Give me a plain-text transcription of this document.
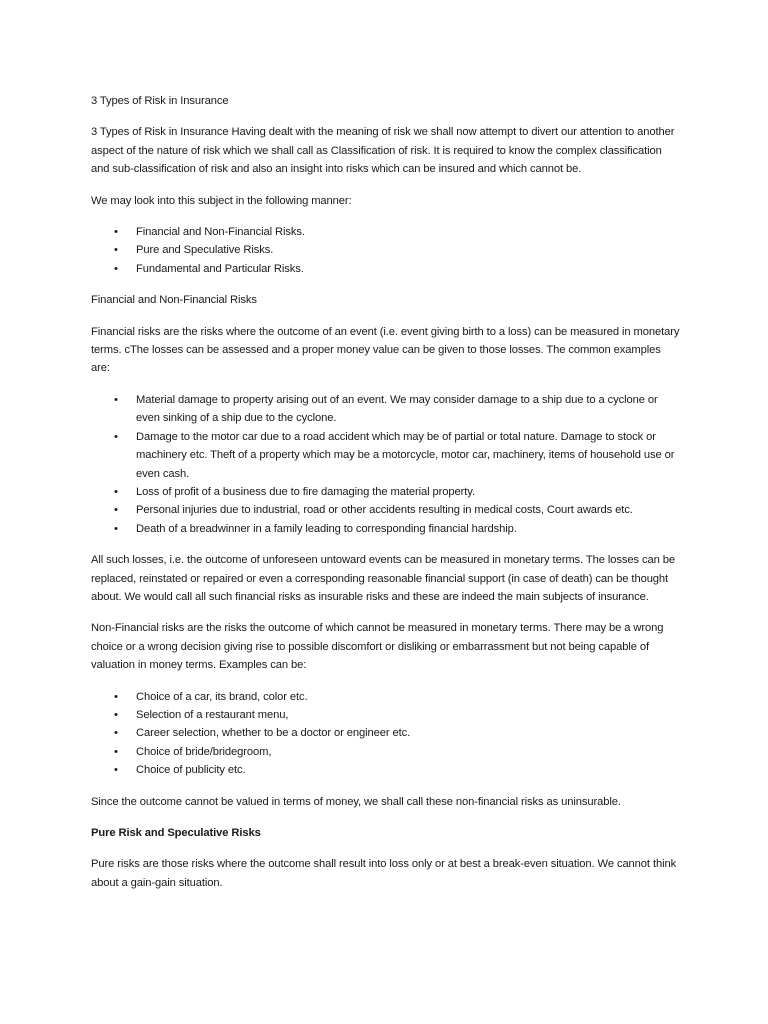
3 Types of Risk in Insurance

3 Types of Risk in Insurance Having dealt with the meaning of risk we shall now attempt to divert our attention to another aspect of the nature of risk which we shall call as Classification of risk. It is required to know the complex classification and sub-classification of risk and also an insight into risks which can be insured and which cannot be.

We may look into this subject in the following manner:

• Financial and Non-Financial Risks.
• Pure and Speculative Risks.
• Fundamental and Particular Risks.

Financial and Non-Financial Risks

Financial risks are the risks where the outcome of an event (i.e. event giving birth to a loss) can be measured in monetary terms. cThe losses can be assessed and a proper money value can be given to those losses. The common examples are:

• Material damage to property arising out of an event. We may consider damage to a ship due to a cyclone or even sinking of a ship due to the cyclone.
• Damage to the motor car due to a road accident which may be of partial or total nature. Damage to stock or machinery etc. Theft of a property which may be a motorcycle, motor car, machinery, items of household use or even cash.
• Loss of profit of a business due to fire damaging the material property.
• Personal injuries due to industrial, road or other accidents resulting in medical costs, Court awards etc.
• Death of a breadwinner in a family leading to corresponding financial hardship.

All such losses, i.e. the outcome of unforeseen untoward events can be measured in monetary terms. The losses can be replaced, reinstated or repaired or even a corresponding reasonable financial support (in case of death) can be thought about. We would call all such financial risks as insurable risks and these are indeed the main subjects of insurance.

Non-Financial risks are the risks the outcome of which cannot be measured in monetary terms. There may be a wrong choice or a wrong decision giving rise to possible discomfort or disliking or embarrassment but not being capable of valuation in money terms. Examples can be:

• Choice of a car, its brand, color etc.
• Selection of a restaurant menu,
• Career selection, whether to be a doctor or engineer etc.
• Choice of bride/bridegroom,
• Choice of publicity etc.

Since the outcome cannot be valued in terms of money, we shall call these non-financial risks as uninsurable.

Pure Risk and Speculative Risks

Pure risks are those risks where the outcome shall result into loss only or at best a break-even situation. We cannot think about a gain-gain situation.
